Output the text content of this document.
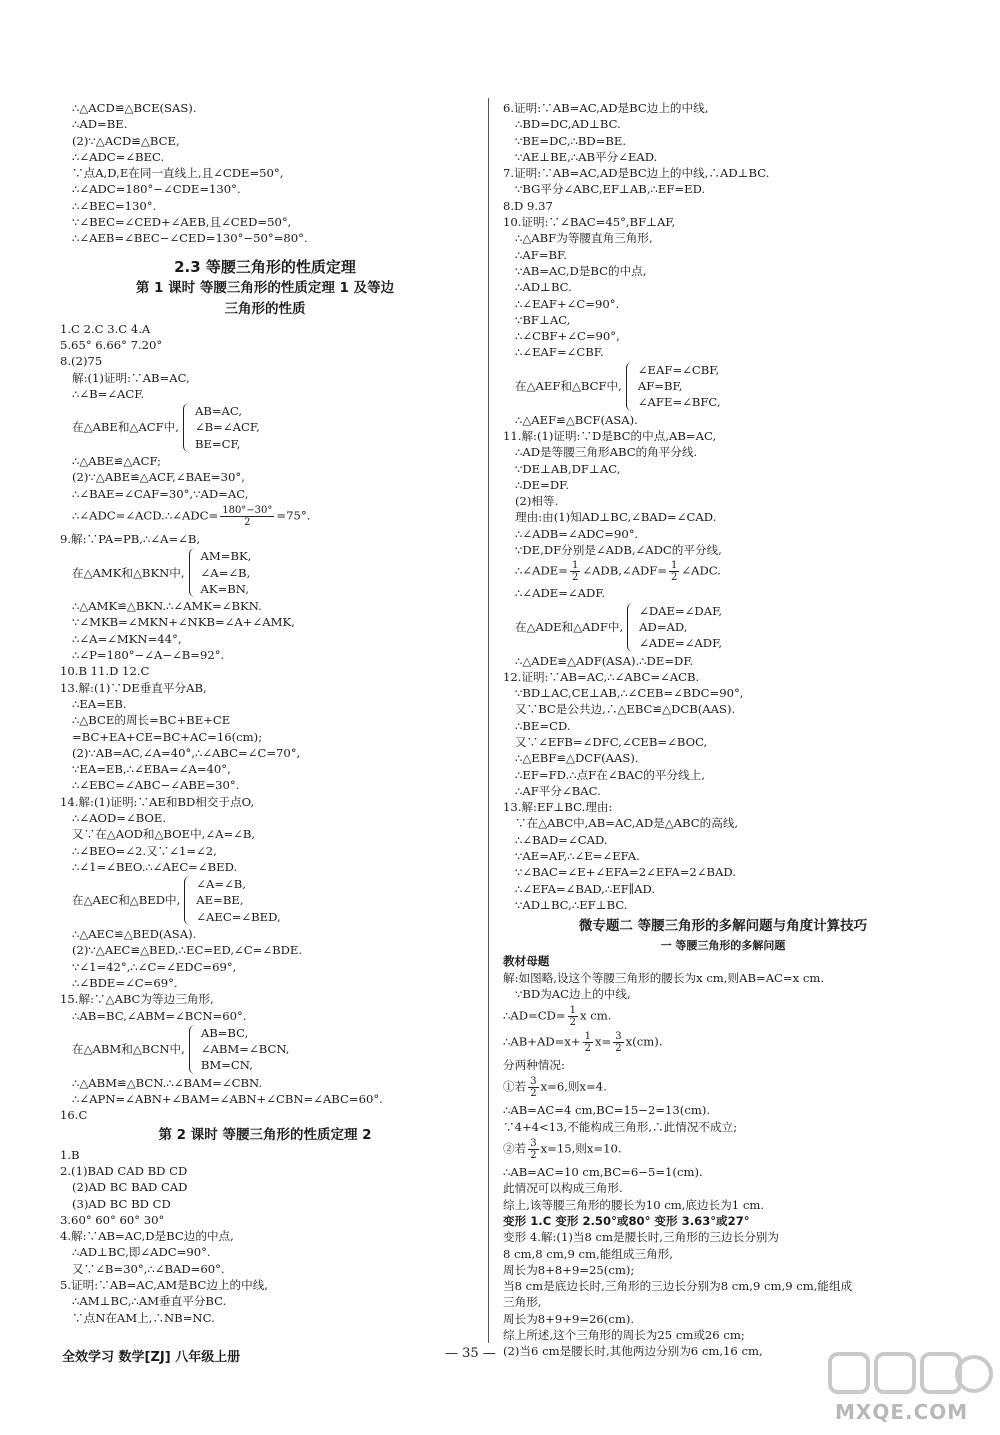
∴△ACD≌△BCE(SAS).
∴AD=BE.
(2)∵△ACD≌△BCE,
∴∠ADC=∠BEC.
∵点A,D,E在同一直线上,且∠CDE=50°,
∴∠ADC=180°−∠CDE=130°.
∴∠BEC=130°.
∵∠BEC=∠CED+∠AEB,且∠CED=50°,
∴∠AEB=∠BEC−∠CED=130°−50°=80°.
2.3 等腰三角形的性质定理
第 1 课时 等腰三角形的性质定理 1 及等边
三角形的性质
1.C 2.C 3.C 4.A
5.65° 6.66° 7.20°
8.(2)75
解:(1)证明:∵AB=AC,
∴∠B=∠ACF.
在△ABE和△ACF中,
AB=AC,
∠B=∠ACF,
BE=CF,
∴△ABE≌△ACF;
(2)∵△ABE≌△ACF,∠BAE=30°,
∴∠BAE=∠CAF=30°,∵AD=AC,
∴∠ADC=∠ACD.∴∠ADC= $\frac{180^\circ-30^\circ}{2} =75^\circ$.
9.解:∵PA=PB,∴∠A=∠B,
在△AMK和△BKN中,
AM=BK,
∠A=∠B,
AK=BN,
∴△AMK≌△BKN.∴∠AMK=∠BKN.
∵∠MKB=∠MKN+∠NKB=∠A+∠AMK,
∴∠A=∠MKN=44°,
∴∠P=180°−∠A−∠B=92°.
10.B 11.D 12.C
13.解:(1)∵DE垂直平分AB,
∴EA=EB.
∴△BCE的周长=BC+BE+CE
=BC+EA+CE=BC+AC=16(cm);
(2)∵AB=AC,∠A=40°,∴∠ABC=∠C=70°,
∵EA=EB,∴∠EBA=∠A=40°,
∴∠EBC=∠ABC−∠ABE=30°.
14.解:(1)证明:∵AE和BD相交于点O,
∴∠AOD=∠BOE.
又∵在△AOD和△BOE中,∠A=∠B,
∴∠BEO=∠2.又∵∠1=∠2,
∴∠1=∠BEO.∴∠AEC=∠BED.
在△AEC和△BED中,
∠A=∠B,
AE=BE,
∠AEC=∠BED,
∴△AEC≌△BED(ASA).
(2)∵△AEC≌△BED,∴EC=ED,∠C=∠BDE.
∵∠1=42°,∴∠C=∠EDC=69°,
∴∠BDE=∠C=69°.
15.解:∵△ABC为等边三角形,
∴AB=BC,∠ABM=∠BCN=60°.
在△ABM和△BCN中,
AB=BC,
∠ABM=∠BCN,
BM=CN,
∴△ABM≌△BCN.∴∠BAM=∠CBN.
∴∠APN=∠ABN+∠BAM=∠ABN+∠CBN=∠ABC=60°.
16.C
第 2 课时 等腰三角形的性质定理 2
1.B
2.(1)BAD CAD BD CD
(2)AD BC BAD CAD
(3)AD BC BD CD
3.60° 60° 60° 30°
4.解:∵AB=AC,D是BC边的中点,
∴AD⊥BC,即∠ADC=90°.
又∵∠B=30°,∴∠BAD=60°.
5.证明:∵AB=AC,AM是BC边上的中线,
∴AM⊥BC,∴AM垂直平分BC.
∵点N在AM上,∴NB=NC.
6.证明:∵AB=AC,AD是BC边上的中线,
∴BD=DC,AD⊥BC.
∵BE=DC,∴BD=BE.
∵AE⊥BE,∴AB平分∠EAD.
7.证明:∵AB=AC,AD是BC边上的中线,∴AD⊥BC.
∵BG平分∠ABC,EF⊥AB,∴EF=ED.
8.D 9.37
10.证明:∵∠BAC=45°,BF⊥AF,
∴△ABF为等腰直角三角形,
∴AF=BF.
∵AB=AC,D是BC的中点,
∴AD⊥BC.
∴∠EAF+∠C=90°.
∵BF⊥AC,
∴∠CBF+∠C=90°,
∴∠EAF=∠CBF.
在△AEF和△BCF中,
∠EAF=∠CBF,
AF=BF,
∠AFE=∠BFC,
∴△AEF≌△BCF(ASA).
11.解:(1)证明:∵D是BC的中点,AB=AC,
∴AD是等腰三角形ABC的角平分线.
∵DE⊥AB,DF⊥AC,
∴DE=DF.
(2)相等.
理由:由(1)知AD⊥BC,∠BAD=∠CAD.
∴∠ADB=∠ADC=90°.
∵DE,DF分别是∠ADB,∠ADC的平分线,
∴∠ADE= $\frac{1}{2}$ ∠ADB,∠ADF= $\frac{1}{2}$ ∠ADC.
∴∠ADE=∠ADF.
在△ADE和△ADF中,
∠DAE=∠DAF,
AD=AD,
∠ADE=∠ADF,
∴△ADE≌△ADF(ASA).∴DE=DF.
12.证明:∵AB=AC,∴∠ABC=∠ACB.
∵BD⊥AC,CE⊥AB,∴∠CEB=∠BDC=90°,
又∵BC是公共边,∴△EBC≌△DCB(AAS).
∴BE=CD.
又∵∠EFB=∠DFC,∠CEB=∠BOC,
∴△EBF≌△DCF(AAS).
∴EF=FD.∴点F在∠BAC的平分线上,
∴AF平分∠BAC.
13.解:EF⊥BC.理由:
∵在△ABC中,AB=AC,AD是△ABC的高线,
∴∠BAD=∠CAD.
∵AE=AF,∴∠E=∠EFA.
∵∠BAC=∠E+∠EFA=2∠EFA=2∠BAD.
∴∠EFA=∠BAD,∴EF∥AD.
∵AD⊥BC,∴EF⊥BC.
微专题二 等腰三角形的多解问题与角度计算技巧
一 等腰三角形的多解问题
教材母题
解:如图略,设这个等腰三角形的腰长为x cm,则AB=AC=x cm.
∵BD为AC边上的中线,
∴AD=CD= $\frac{1}{2}$ x cm.
∴AB+AD=x+ $\frac{1}{2} x= \frac{3}{2} x(cm)$.
分两种情况:
①若 $\frac{3}{2} x=6$,则x=4.
∴AB=AC=4 cm,BC=15−2=13(cm).
∵4+4<13,不能构成三角形,∴此情况不成立;
②若 $\frac{3}{2} x=15$,则x=10.
∴AB=AC=10 cm,BC=6−5=1(cm).
此情况可以构成三角形.
综上,该等腰三角形的腰长为10 cm,底边长为1 cm.
变形 1.C 变形 2.50°或80° 变形 3.63°或27°
变形 4.解:(1)当8 cm是腰长时,三角形的三边长分别为
8 cm,8 cm,9 cm,能组成三角形,
周长为8+8+9=25(cm);
当8 cm是底边长时,三角形的三边长分别为8 cm,9 cm,9 cm,能组成
三角形,
周长为8+9+9=26(cm).
综上所述,这个三角形的周长为25 cm或26 cm;
(2)当6 cm是腰长时,其他两边分别为6 cm,16 cm,
全效学习 数学[ZJ] 八年级上册	— 35 —
MXQE.COM
